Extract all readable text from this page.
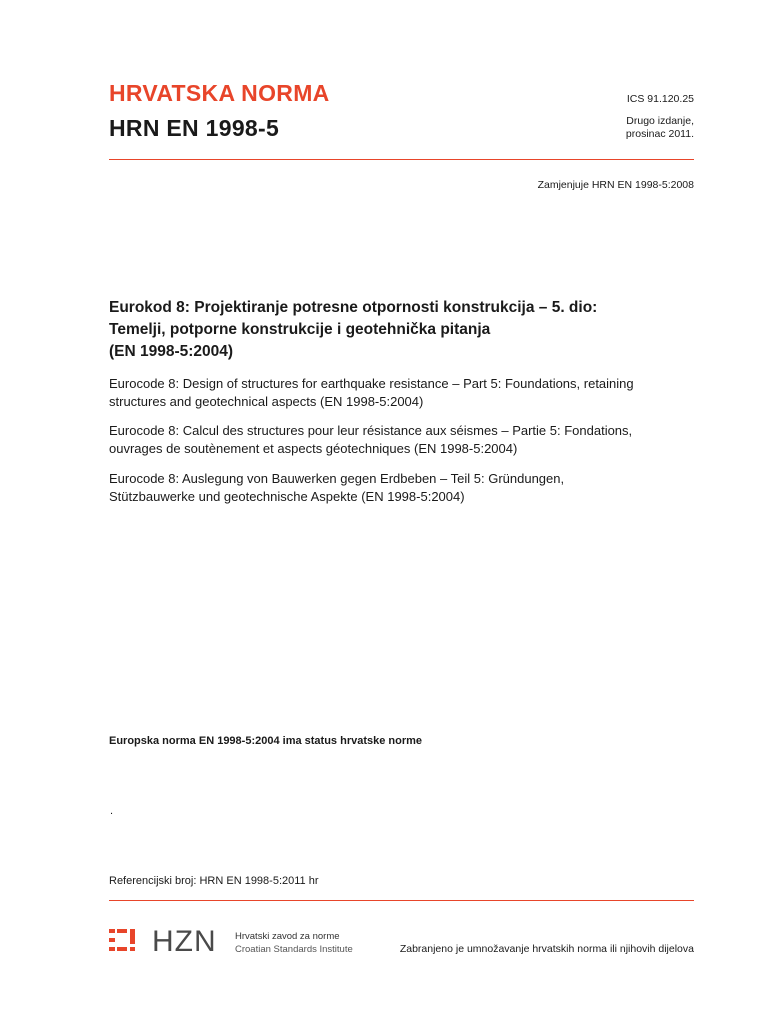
HRVATSKA NORMA
HRN EN 1998-5
ICS 91.120.25
Drugo izdanje,
prosinac 2011.
Zamjenjuje HRN EN 1998-5:2008
Eurokod 8: Projektiranje potresne otpornosti konstrukcija – 5. dio:
Temelji, potporne konstrukcije i geotehnička pitanja
(EN 1998-5:2004)
Eurocode 8: Design of structures for earthquake resistance – Part 5: Foundations, retaining
structures and geotechnical aspects (EN 1998-5:2004)
Eurocode 8: Calcul des structures pour leur résistance aux séismes – Partie 5: Fondations,
ouvrages de soutènement et aspects géotechniques (EN 1998-5:2004)
Eurocode 8: Auslegung von Bauwerken gegen Erdbeben – Teil 5: Gründungen,
Stützbauwerke und geotechnische Aspekte (EN 1998-5:2004)
Europska norma EN 1998-5:2004 ima status hrvatske norme
.
Referencijski broj: HRN EN 1998-5:2011 hr
HZN Hrvatski zavod za norme
Croatian Standards Institute	Zabranjeno je umnožavanje hrvatskih norma ili njihovih dijelova
